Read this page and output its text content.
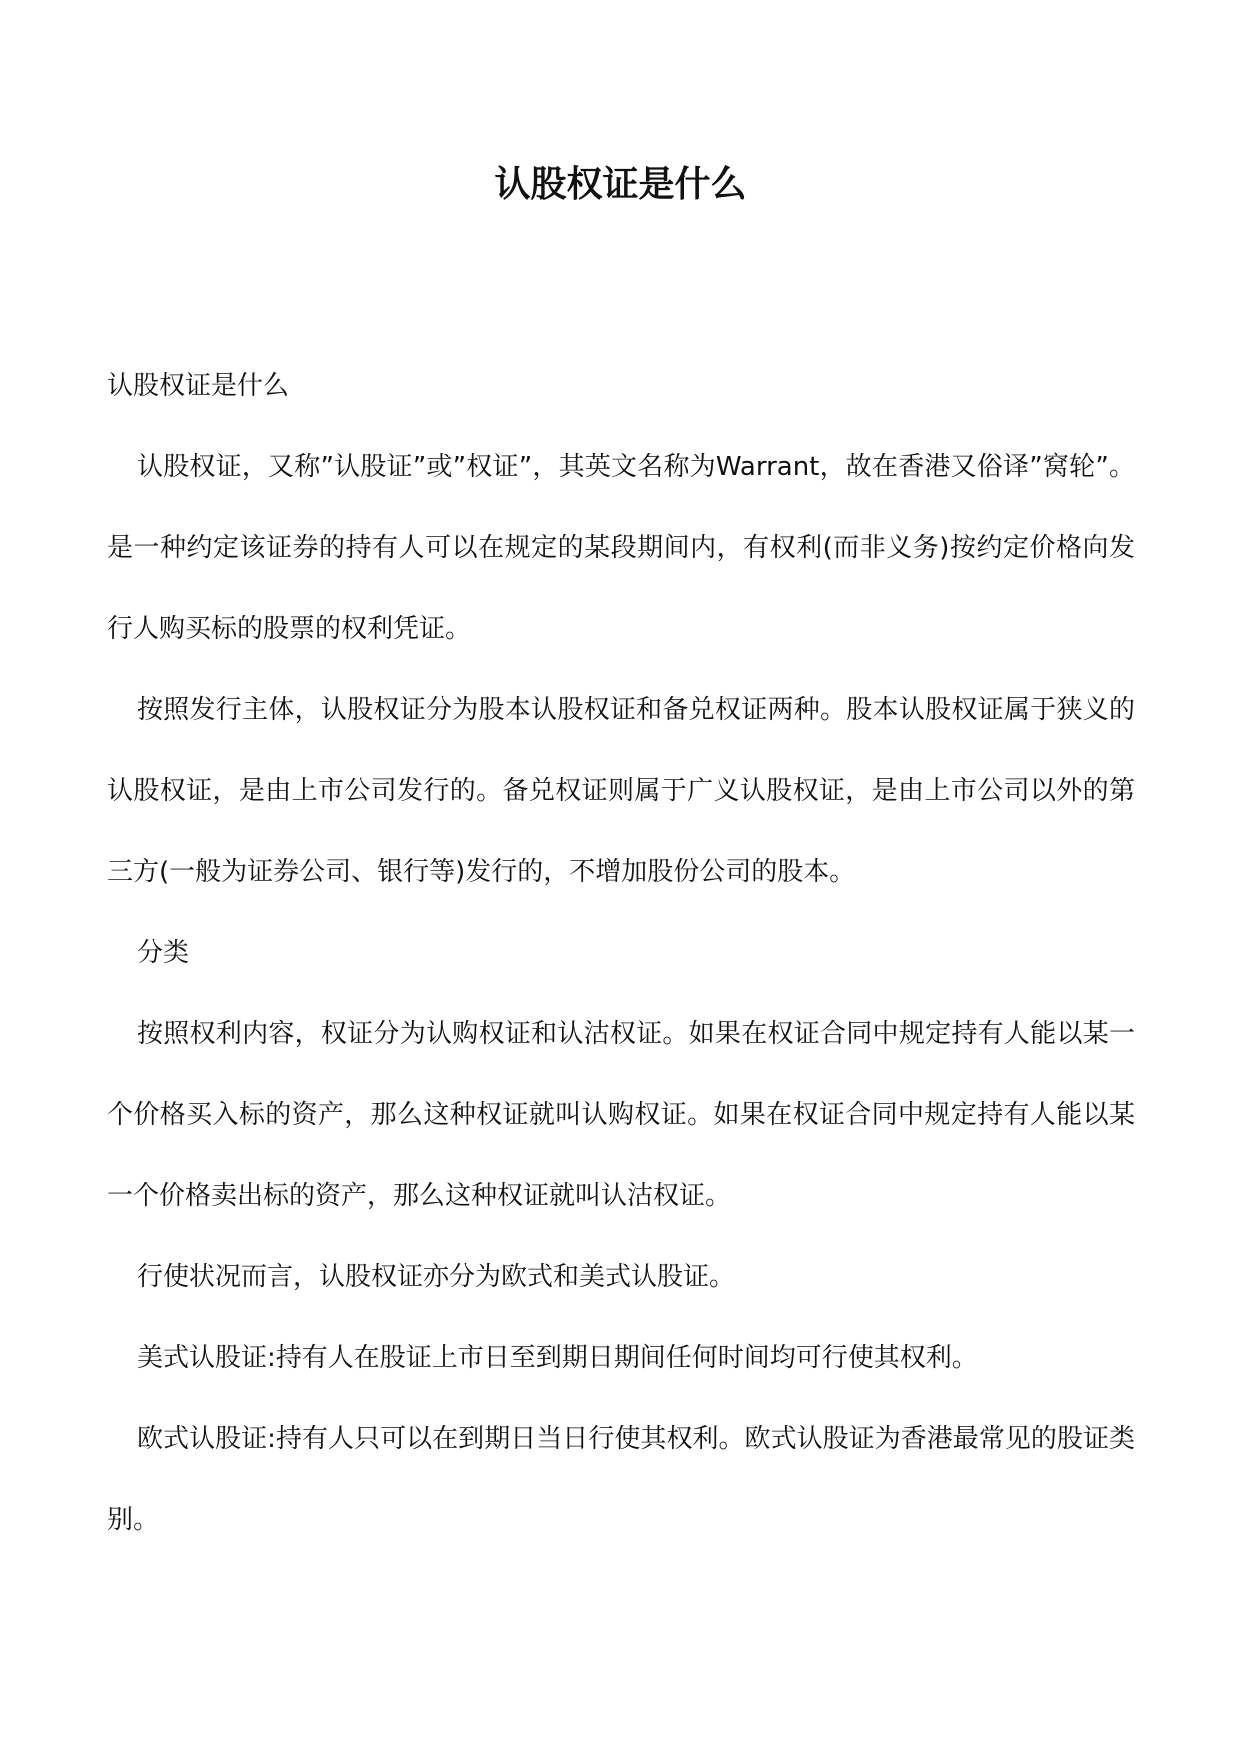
认股权证是什么

认股权证是什么

认股权证，又称”认股证”或”权证”，其英文名称为Warrant，故在香港又俗译”窝轮”。是一种约定该证券的持有人可以在规定的某段期间内，有权利(而非义务)按约定价格向发行人购买标的股票的权利凭证。

按照发行主体，认股权证分为股本认股权证和备兑权证两种。股本认股权证属于狭义的认股权证，是由上市公司发行的。备兑权证则属于广义认股权证，是由上市公司以外的第三方(一般为证券公司、银行等)发行的，不增加股份公司的股本。

分类

按照权利内容，权证分为认购权证和认沽权证。如果在权证合同中规定持有人能以某一个价格买入标的资产，那么这种权证就叫认购权证。如果在权证合同中规定持有人能以某一个价格卖出标的资产，那么这种权证就叫认沽权证。

行使状况而言，认股权证亦分为欧式和美式认股证。

美式认股证:持有人在股证上市日至到期日期间任何时间均可行使其权利。

欧式认股证:持有人只可以在到期日当日行使其权利。欧式认股证为香港最常见的股证类别。
